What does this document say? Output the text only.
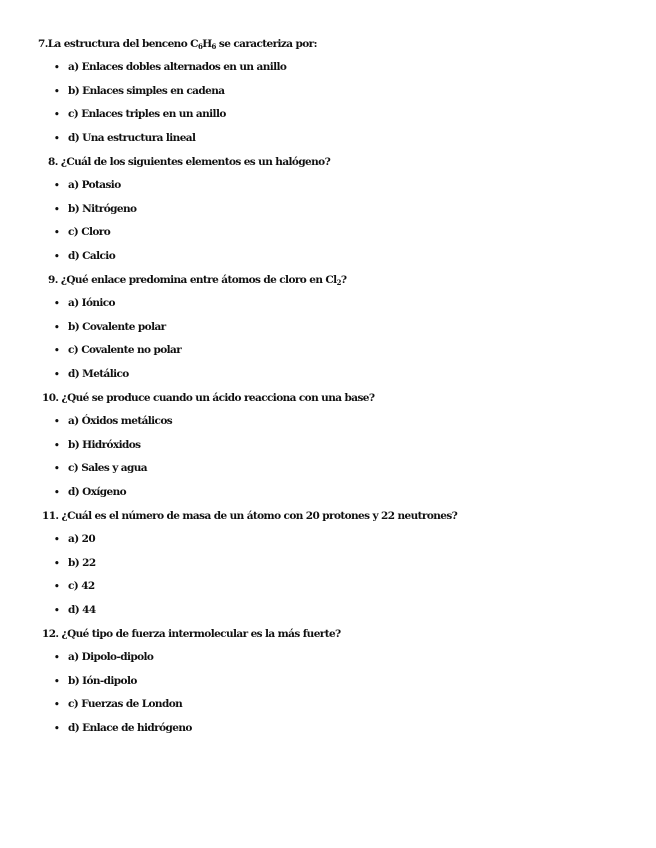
7.La estructura del benceno $C_6H_6$ se caracteriza por:
• a) Enlaces dobles alternados en un anillo
• b) Enlaces simples en cadena
• c) Enlaces triples en un anillo
• d) Una estructura lineal
8. ¿Cuál de los siguientes elementos es un halógeno?
• a) Potasio
• b) Nitrógeno
• c) Cloro
• d) Calcio
9. ¿Qué enlace predomina entre átomos de cloro en $Cl_2$?
• a) Iónico
• b) Covalente polar
• c) Covalente no polar
• d) Metálico
10. ¿Qué se produce cuando un ácido reacciona con una base?
• a) Óxidos metálicos
• b) Hidróxidos
• c) Sales y agua
• d) Oxígeno
11. ¿Cuál es el número de masa de un átomo con 20 protones y 22 neutrones?
• a) 20
• b) 22
• c) 42
• d) 44
12. ¿Qué tipo de fuerza intermolecular es la más fuerte?
• a) Dipolo-dipolo
• b) Ión-dipolo
• c) Fuerzas de London
• d) Enlace de hidrógeno
